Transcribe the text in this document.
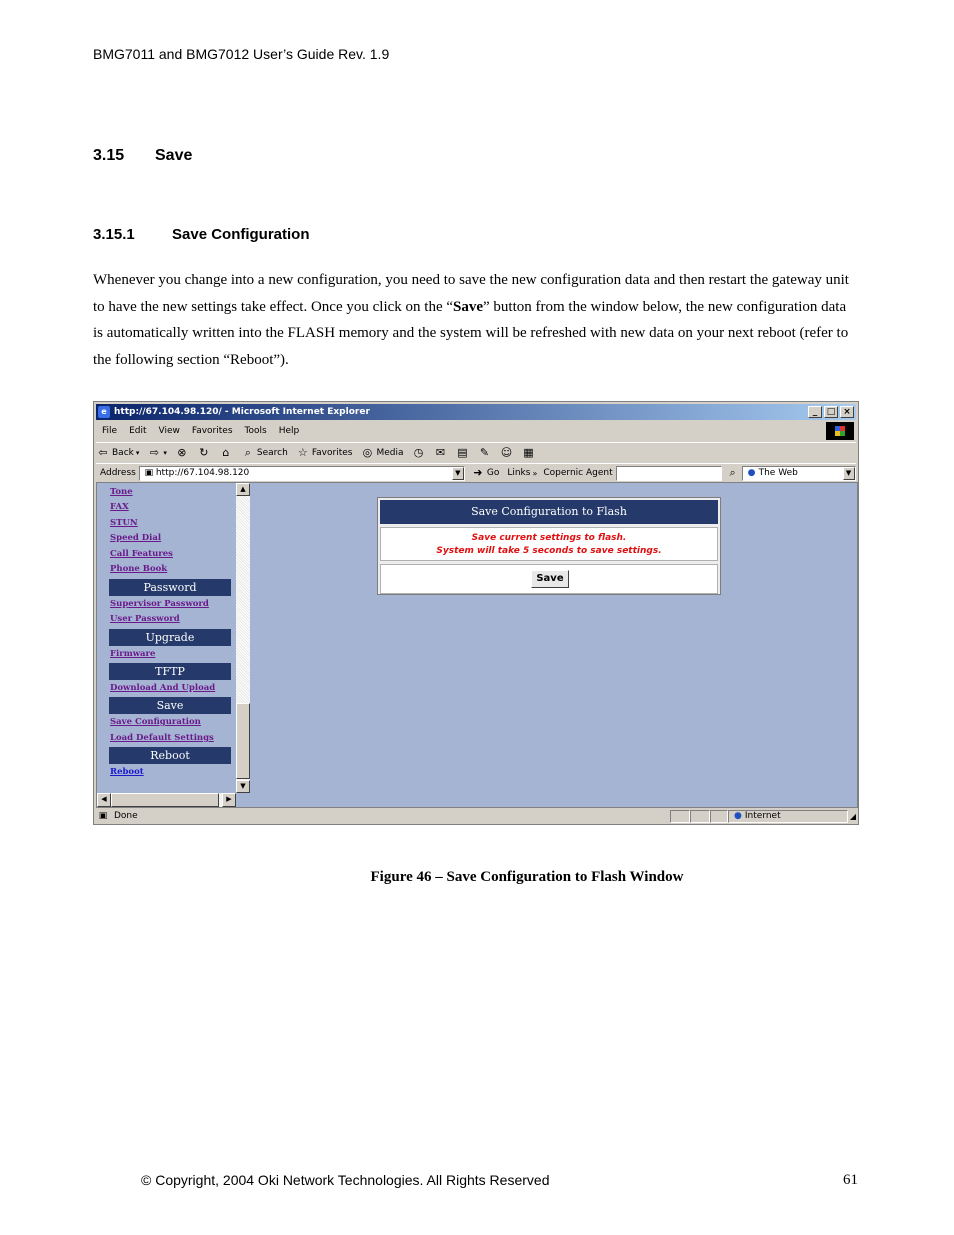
BMG7011 and BMG7012 User’s Guide Rev. 1.9
3.15 Save
3.15.1 Save Configuration
Whenever you change into a new configuration, you need to save the new configuration data and then restart the gateway unit to have the new settings take effect. Once you click on the “Save” button from the window below, the new configuration data is automatically written into the FLASH memory and the system will be refreshed with new data on your next reboot (refer to the following section “Reboot”).
e http://67.104.98.120/ - Microsoft Internet Explorer	_	□ ×
File	Edit	View	Favorites	Tools	Help
⇦ Back ▾ ⇨ ▾ ⊗ ↻	⌂	⌕ Search ☆ Favorites ◎ Media ◷ ✉ ▤ ✎ ☺ ▦
Address ▣ http://67.104.98.120	▼	➜ Go Links » Copernic Agent	⌕	● The Web	▼
Tone
FAX
STUN
Speed Dial
Call Features
Phone Book
Password
Supervisor Password
User Password
Upgrade
Firmware
TFTP
Download And Upload
Save
Save Configuration
Load Default Settings
Reboot
Reboot
▲
▼
◀	▶
Save Configuration to Flash
Save current settings to flash.
System will take 5 seconds to save settings.
Save
▣ Done	● Internet	◢
Figure 46 – Save Configuration to Flash Window
© Copyright, 2004 Oki Network Technologies. All Rights Reserved	61
